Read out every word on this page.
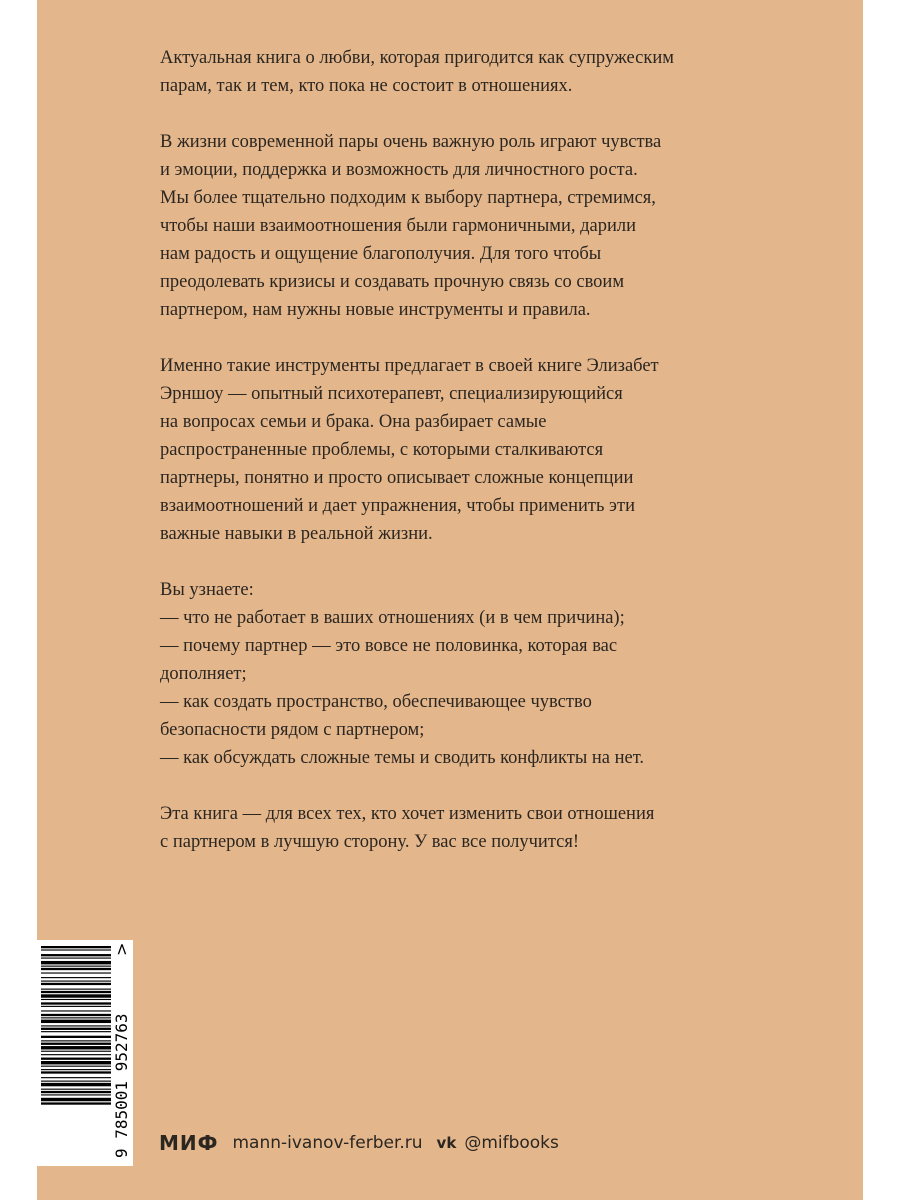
Актуальная книга о любви, которая пригодится как супружеским
парам, так и тем, кто пока не состоит в отношениях.

В жизни современной пары очень важную роль играют чувства
и эмоции, поддержка и возможность для личностного роста.
Мы более тщательно подходим к выбору партнера, стремимся,
чтобы наши взаимоотношения были гармоничными, дарили
нам радость и ощущение благополучия. Для того чтобы
преодолевать кризисы и создавать прочную связь со своим
партнером, нам нужны новые инструменты и правила.

Именно такие инструменты предлагает в своей книге Элизабет
Эрншоу — опытный психотерапевт, специализирующийся
на вопросах семьи и брака. Она разбирает самые
распространенные проблемы, с которыми сталкиваются
партнеры, понятно и просто описывает сложные концепции
взаимоотношений и дает упражнения, чтобы применить эти
важные навыки в реальной жизни.

Вы узнаете:
— что не работает в ваших отношениях (и в чем причина);
— почему партнер — это вовсе не половинка, которая вас
дополняет;
— как создать пространство, обеспечивающее чувство
безопасности рядом с партнером;
— как обсуждать сложные темы и сводить конфликты на нет.

Эта книга — для всех тех, кто хочет изменить свои отношения
с партнером в лучшую сторону. У вас все получится!

9 785001 952763
>
МИФ mann-ivanov-ferber.ru vk @mifbooks
